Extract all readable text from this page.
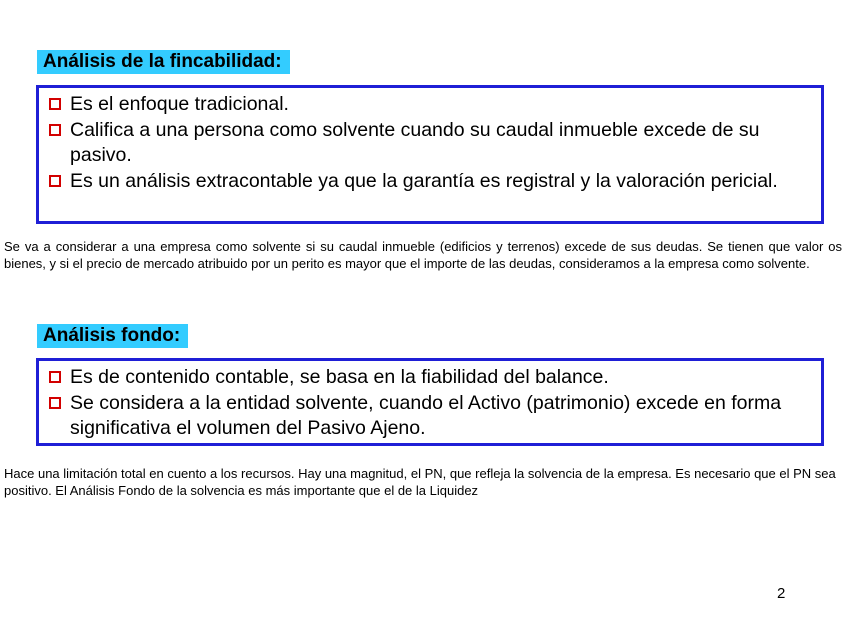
Análisis de la fincabilidad:
Es el enfoque tradicional.
Califica a una persona como solvente cuando su caudal inmueble excede de su pasivo.
Es un análisis extracontable ya que la garantía es registral y la valoración pericial.
Se va a considerar a una empresa como solvente si su caudal inmueble (edificios y terrenos) excede de sus deudas. Se tienen que valor os bienes, y si el precio de mercado atribuido por un perito es mayor que el importe de las deudas, consideramos a la empresa como solvente.
Análisis fondo:
Es de contenido contable, se basa en la fiabilidad del balance.
Se considera a la entidad solvente, cuando el Activo (patrimonio) excede en forma significativa el volumen del Pasivo Ajeno.
Hace una limitación total en cuento a los recursos. Hay una magnitud, el PN, que refleja la solvencia de la empresa. Es necesario que el PN sea positivo. El Análisis Fondo de la solvencia es más importante que el de la Liquidez
2
